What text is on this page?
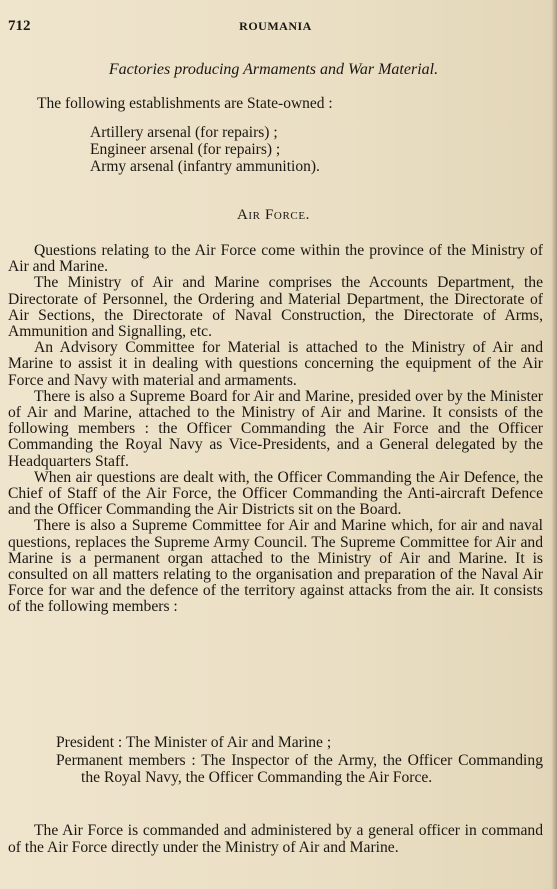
712	ROUMANIA
Factories producing Armaments and War Material.
The following establishments are State-owned :
Artillery arsenal (for repairs) ;
Engineer arsenal (for repairs) ;
Army arsenal (infantry ammunition).
Air Force.

Questions relating to the Air Force come within the province of the Ministry of Air and Marine.

The Ministry of Air and Marine comprises the Accounts Department, the Directorate of Personnel, the Ordering and Material Department, the Directorate of Air Sections, the Directorate of Naval Construction, the Directorate of Arms, Ammunition and Signalling, etc.

An Advisory Committee for Material is attached to the Ministry of Air and Marine to assist it in dealing with questions concerning the equipment of the Air Force and Navy with material and armaments.

There is also a Supreme Board for Air and Marine, presided over by the Minister of Air and Marine, attached to the Ministry of Air and Marine. It consists of the following members : the Officer Commanding the Air Force and the Officer Commanding the Royal Navy as Vice-Presidents, and a General delegated by the Headquarters Staff.

When air questions are dealt with, the Officer Commanding the Air Defence, the Chief of Staff of the Air Force, the Officer Commanding the Anti-aircraft Defence and the Officer Commanding the Air Districts sit on the Board.

There is also a Supreme Committee for Air and Marine which, for air and naval questions, replaces the Supreme Army Council. The Supreme Committee for Air and Marine is a permanent organ attached to the Ministry of Air and Marine. It is consulted on all matters relating to the organisation and preparation of the Naval Air Force for war and the defence of the territory against attacks from the air. It consists of the following members :

President : The Minister of Air and Marine ;
Permanent members : The Inspector of the Army, the Officer Commanding the Royal Navy, the Officer Commanding the Air Force.

The Air Force is commanded and administered by a general officer in command of the Air Force directly under the Ministry of Air and Marine.
